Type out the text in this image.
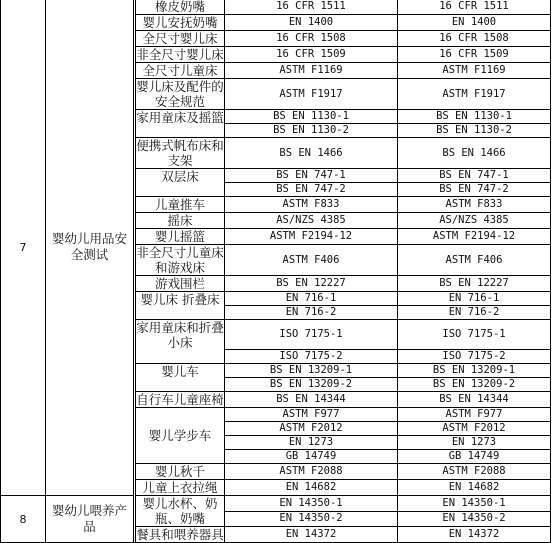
7	婴幼儿用品安全测试		橡皮奶嘴	16 CFR 1511	16 CFR 1511
			婴儿安抚奶嘴	EN 1400	EN 1400
			全尺寸婴儿床	16 CFR 1508	16 CFR 1508
			非全尺寸婴儿床	16 CFR 1509	16 CFR 1509
			全尺寸儿童床	ASTM F1169	ASTM F1169
			婴儿床及配件的安全规范	ASTM F1917	ASTM F1917
			家用童床及摇篮	BS EN 1130-1	BS EN 1130-1
				BS EN 1130-2	BS EN 1130-2
			便携式帆布床和支架	BS EN 1466	BS EN 1466
			双层床	BS EN 747-1	BS EN 747-1
				BS EN 747-2	BS EN 747-2
			儿童推车	ASTM F833	ASTM F833
			摇床	AS/NZS 4385	AS/NZS 4385
			婴儿摇篮	ASTM F2194-12	ASTM F2194-12
			非全尺寸儿童床和游戏床	ASTM F406	ASTM F406
			游戏围栏	BS EN 12227	BS EN 12227
			婴儿床 折叠床	EN 716-1	EN 716-1
				EN 716-2	EN 716-2
			家用童床和折叠小床	ISO 7175-1	ISO 7175-1
				ISO 7175-2	ISO 7175-2
			婴儿车	BS EN 13209-1	BS EN 13209-1
				BS EN 13209-2	BS EN 13209-2
			自行车儿童座椅	BS EN 14344	BS EN 14344
			婴儿学步车	ASTM F977	ASTM F977
				ASTM F2012	ASTM F2012
				EN 1273	EN 1273
				GB 14749	GB 14749
			婴儿秋千	ASTM F2088	ASTM F2088
			儿童上衣拉绳	EN 14682	EN 14682
8	婴幼儿喂养产品		婴儿水杯、奶瓶、奶嘴	EN 14350-1	EN 14350-1
				EN 14350-2	EN 14350-2
			餐具和喂养器具	EN 14372	EN 14372
